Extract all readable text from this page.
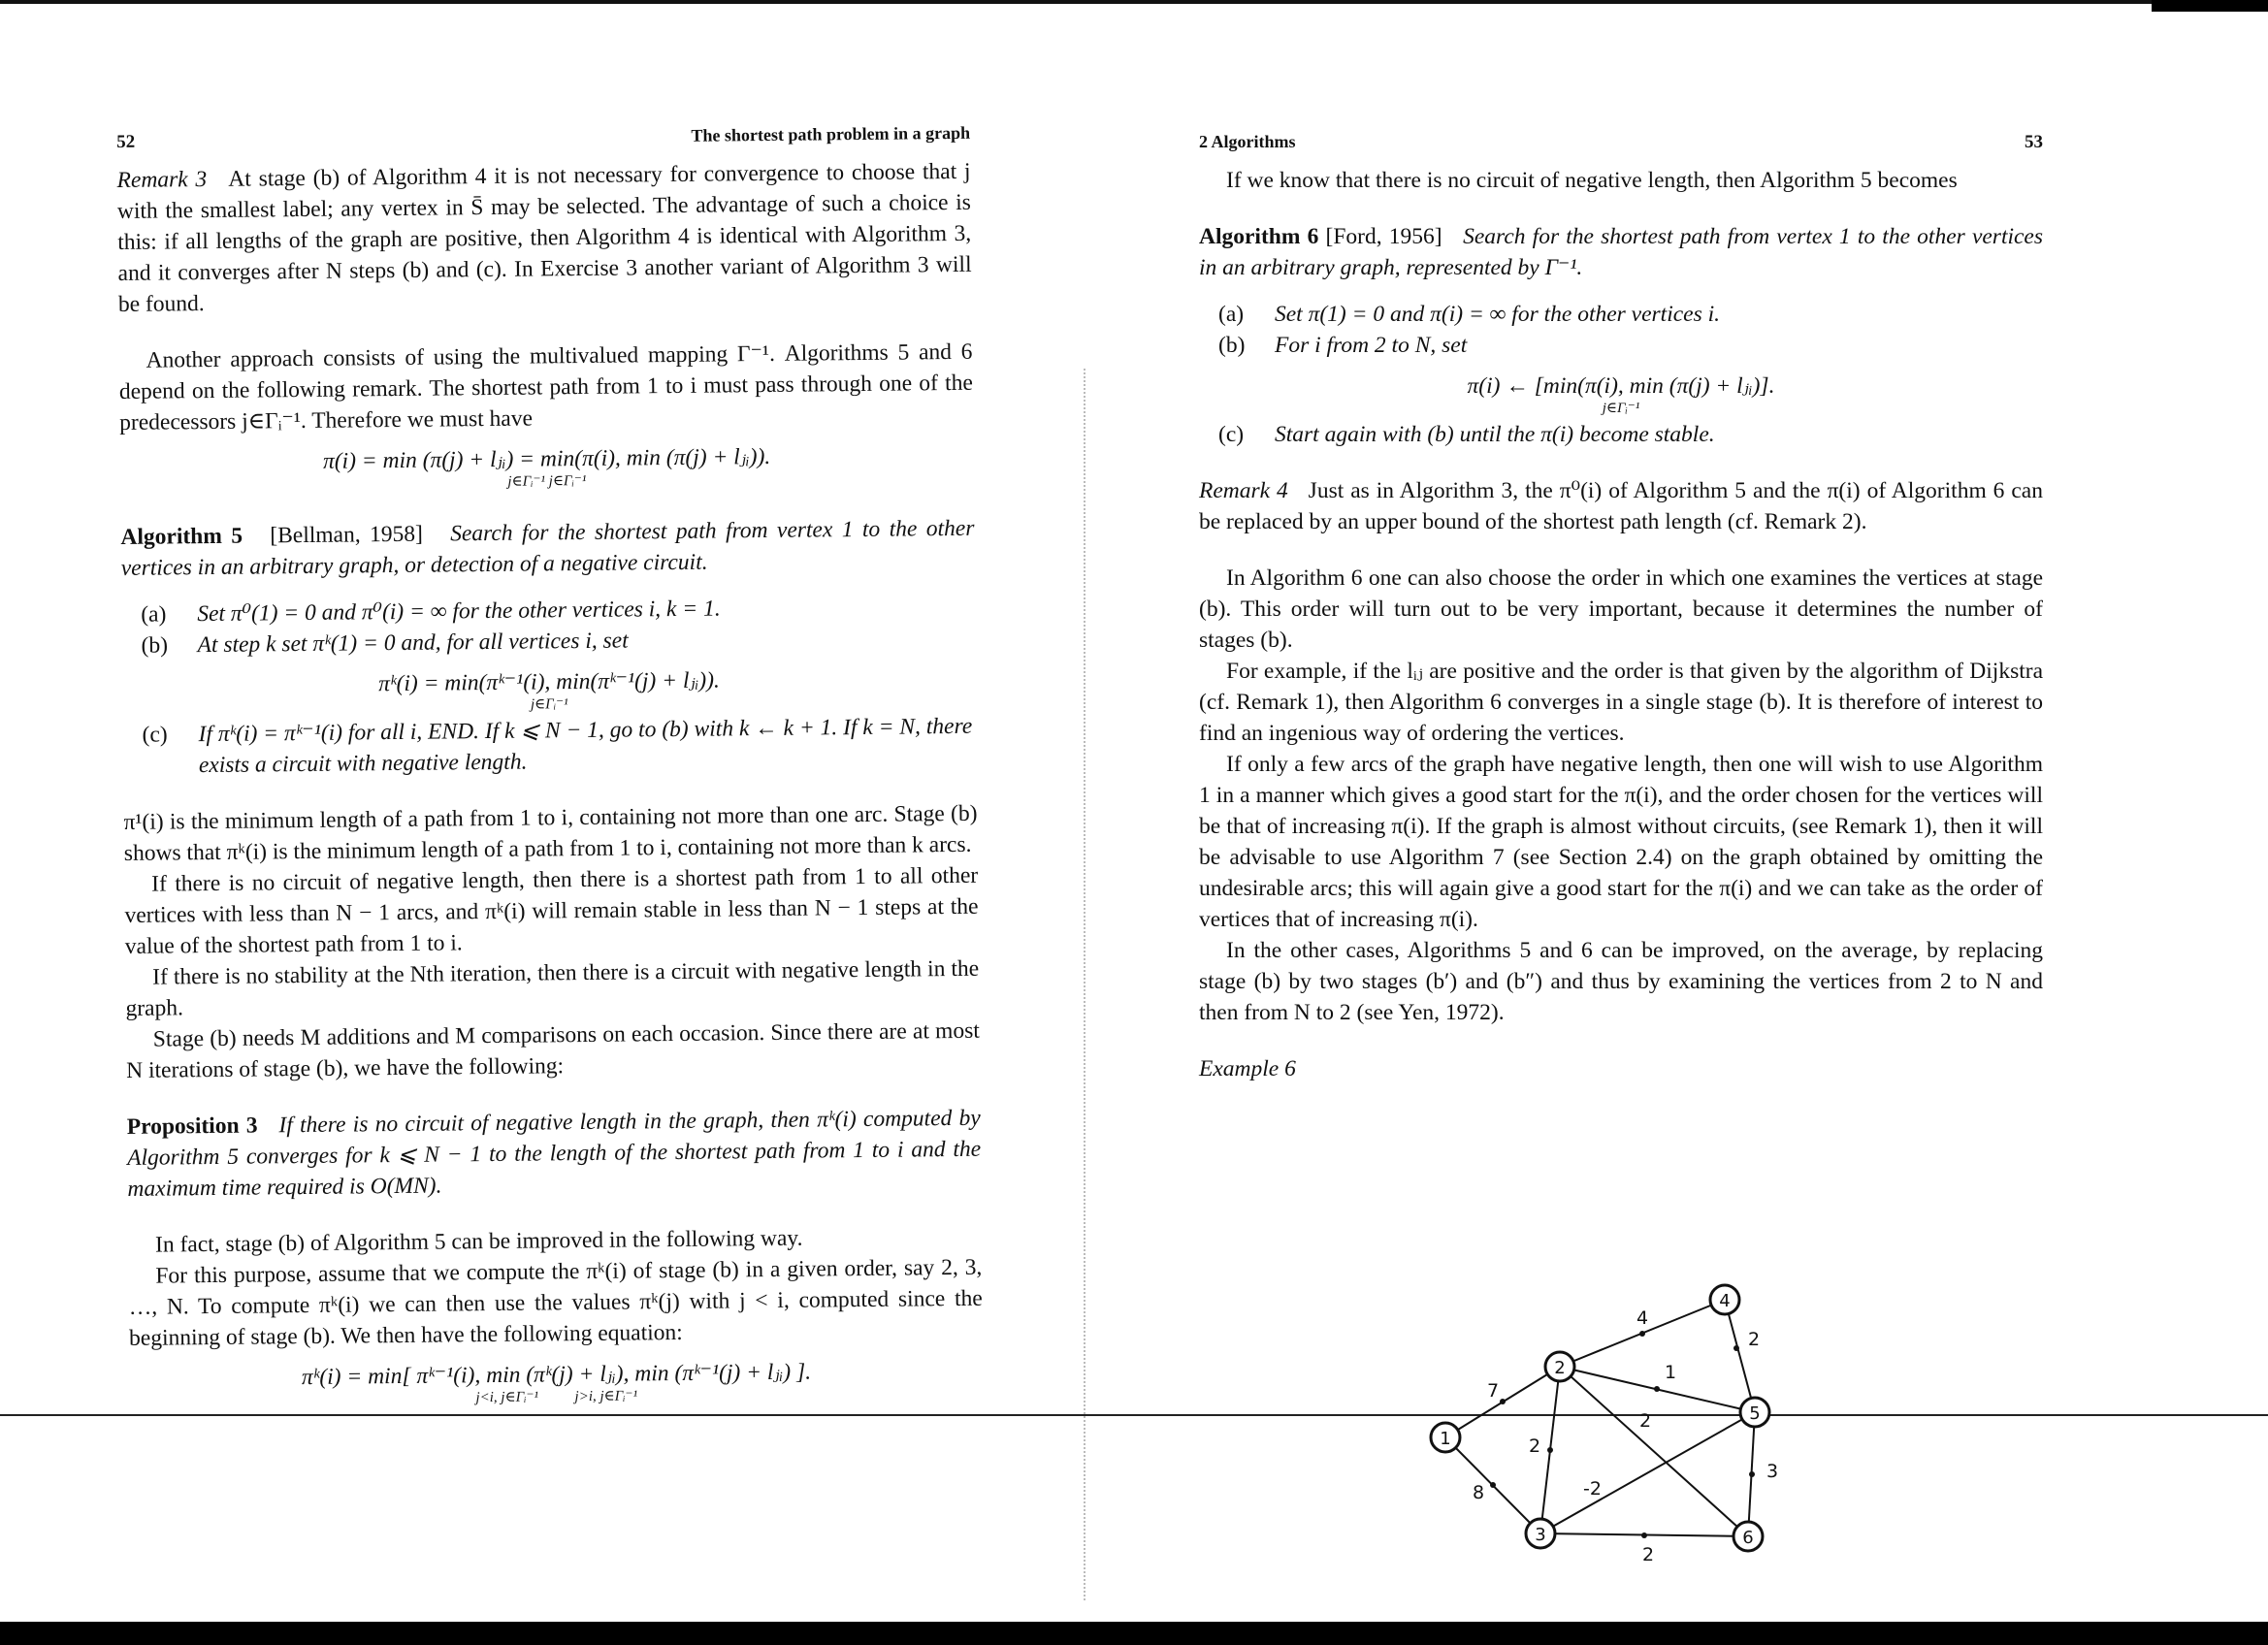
52	The shortest path problem in a graph

Remark 3 At stage (b) of Algorithm 4 it is not necessary for convergence to choose that j with the smallest label; any vertex in S̄ may be selected. The advantage of such a choice is this: if all lengths of the graph are positive, then Algorithm 4 is identical with Algorithm 3, and it converges after N steps (b) and (c). In Exercise 3 another variant of Algorithm 3 will be found.

Another approach consists of using the multivalued mapping Γ⁻¹. Algorithms 5 and 6 depend on the following remark. The shortest path from 1 to i must pass through one of the predecessors j∈Γᵢ⁻¹. Therefore we must have

π(i) = min (π(j) + lⱼᵢ) = min(π(i), min (π(j) + lⱼᵢ)).
j∈Γᵢ⁻¹ j∈Γᵢ⁻¹

Algorithm 5 [Bellman, 1958] Search for the shortest path from vertex 1 to the other vertices in an arbitrary graph, or detection of a negative circuit.

(a)	Set π⁰(1) = 0 and π⁰(i) = ∞ for the other vertices i, k = 1.
(b)	At step k set πᵏ(1) = 0 and, for all vertices i, set
πᵏ(i) = min(πᵏ⁻¹(i), min(πᵏ⁻¹(j) + lⱼᵢ)).
j∈Γᵢ⁻¹
(c)	If πᵏ(i) = πᵏ⁻¹(i) for all i, END. If k ⩽ N − 1, go to (b) with k ← k + 1. If k = N, there exists a circuit with negative length.

π¹(i) is the minimum length of a path from 1 to i, containing not more than one arc. Stage (b) shows that πᵏ(i) is the minimum length of a path from 1 to i, containing not more than k arcs.

If there is no circuit of negative length, then there is a shortest path from 1 to all other vertices with less than N − 1 arcs, and πᵏ(i) will remain stable in less than N − 1 steps at the value of the shortest path from 1 to i.

If there is no stability at the Nth iteration, then there is a circuit with negative length in the graph.

Stage (b) needs M additions and M comparisons on each occasion. Since there are at most N iterations of stage (b), we have the following:

Proposition 3 If there is no circuit of negative length in the graph, then πᵏ(i) computed by Algorithm 5 converges for k ⩽ N − 1 to the length of the shortest path from 1 to i and the maximum time required is O(MN).

In fact, stage (b) of Algorithm 5 can be improved in the following way.

For this purpose, assume that we compute the πᵏ(i) of stage (b) in a given order, say 2, 3, …, N. To compute πᵏ(i) we can then use the values πᵏ(j) with j < i, computed since the beginning of stage (b). We then have the following equation:

πᵏ(i) = min[ πᵏ⁻¹(i), min (πᵏ(j) + lⱼᵢ), min (πᵏ⁻¹(j) + lⱼᵢ) ].
j<i, j∈Γᵢ⁻¹ j>i, j∈Γᵢ⁻¹
2 Algorithms	53

If we know that there is no circuit of negative length, then Algorithm 5 becomes

Algorithm 6 [Ford, 1956] Search for the shortest path from vertex 1 to the other vertices in an arbitrary graph, represented by Γ⁻¹.

(a)	Set π(1) = 0 and π(i) = ∞ for the other vertices i.
(b)	For i from 2 to N, set
π(i) ← [min(π(i), min (π(j) + lⱼᵢ)].
j∈Γᵢ⁻¹
(c)	Start again with (b) until the π(i) become stable.

Remark 4 Just as in Algorithm 3, the π⁰(i) of Algorithm 5 and the π(i) of Algorithm 6 can be replaced by an upper bound of the shortest path length (cf. Remark 2).

In Algorithm 6 one can also choose the order in which one examines the vertices at stage (b). This order will turn out to be very important, because it determines the number of stages (b).

For example, if the lᵢⱼ are positive and the order is that given by the algorithm of Dijkstra (cf. Remark 1), then Algorithm 6 converges in a single stage (b). It is therefore of interest to find an ingenious way of ordering the vertices.

If only a few arcs of the graph have negative length, then one will wish to use Algorithm 1 in a manner which gives a good start for the π(i), and the order chosen for the vertices will be that of increasing π(i). If the graph is almost without circuits, (see Remark 1), then it will be advisable to use Algorithm 7 (see Section 2.4) on the graph obtained by omitting the undesirable arcs; this will again give a good start for the π(i) and we can take as the order of vertices that of increasing π(i).

In the other cases, Algorithms 5 and 6 can be improved, on the average, by replacing stage (b) by two stages (b′) and (b″) and thus by examining the vertices from 2 to N and then from N to 2 (see Yen, 1972).

Example 6

7
8
4
1
2
2
-2
2
2
3
1
2
3
4
5
6
